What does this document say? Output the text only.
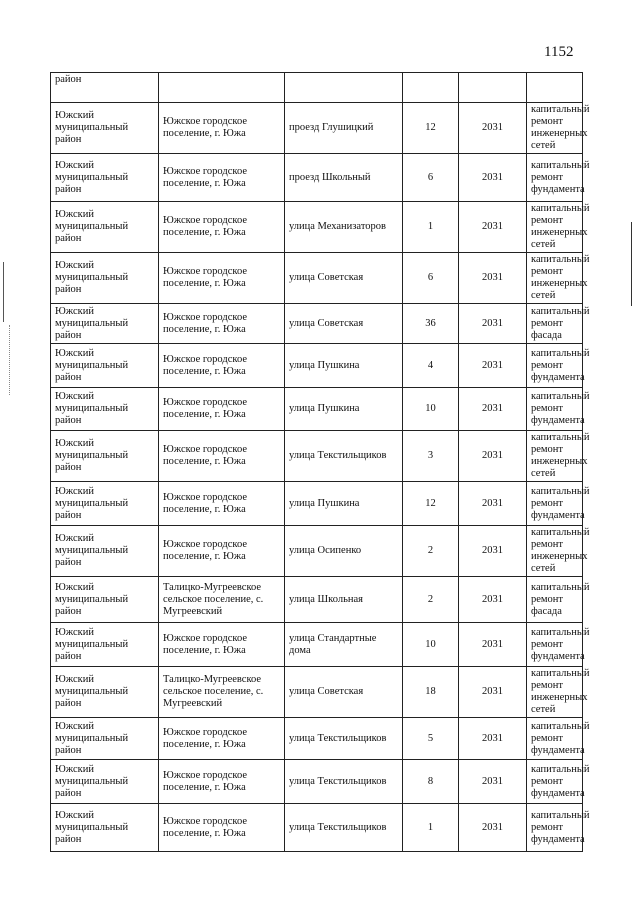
1152
район					
Южский муниципальный район	Южское городское поселение, г. Южа	проезд Глушицкий	12	2031	капитальный ремонт инженерных сетей
Южский муниципальный район	Южское городское поселение, г. Южа	проезд Школьный	6	2031	капитальный ремонт фундамента
Южский муниципальный район	Южское городское поселение, г. Южа	улица Механизаторов	1	2031	капитальный ремонт инженерных сетей
Южский муниципальный район	Южское городское поселение, г. Южа	улица Советская	6	2031	капитальный ремонт инженерных сетей
Южский муниципальный район	Южское городское поселение, г. Южа	улица Советская	36	2031	капитальный ремонт фасада
Южский муниципальный район	Южское городское поселение, г. Южа	улица Пушкина	4	2031	капитальный ремонт фундамента
Южский муниципальный район	Южское городское поселение, г. Южа	улица Пушкина	10	2031	капитальный ремонт фундамента
Южский муниципальный район	Южское городское поселение, г. Южа	улица Текстильщиков	3	2031	капитальный ремонт инженерных сетей
Южский муниципальный район	Южское городское поселение, г. Южа	улица Пушкина	12	2031	капитальный ремонт фундамента
Южский муниципальный район	Южское городское поселение, г. Южа	улица Осипенко	2	2031	капитальный ремонт инженерных сетей
Южский муниципальный район	Талицко-Мугреевское сельское поселение, с. Мугреевский	улица Школьная	2	2031	капитальный ремонт фасада
Южский муниципальный район	Южское городское поселение, г. Южа	улица Стандартные дома	10	2031	капитальный ремонт фундамента
Южский муниципальный район	Талицко-Мугреевское сельское поселение, с. Мугреевский	улица Советская	18	2031	капитальный ремонт инженерных сетей
Южский муниципальный район	Южское городское поселение, г. Южа	улица Текстильщиков	5	2031	капитальный ремонт фундамента
Южский муниципальный район	Южское городское поселение, г. Южа	улица Текстильщиков	8	2031	капитальный ремонт фундамента
Южский муниципальный район	Южское городское поселение, г. Южа	улица Текстильщиков	1	2031	капитальный ремонт фундамента
